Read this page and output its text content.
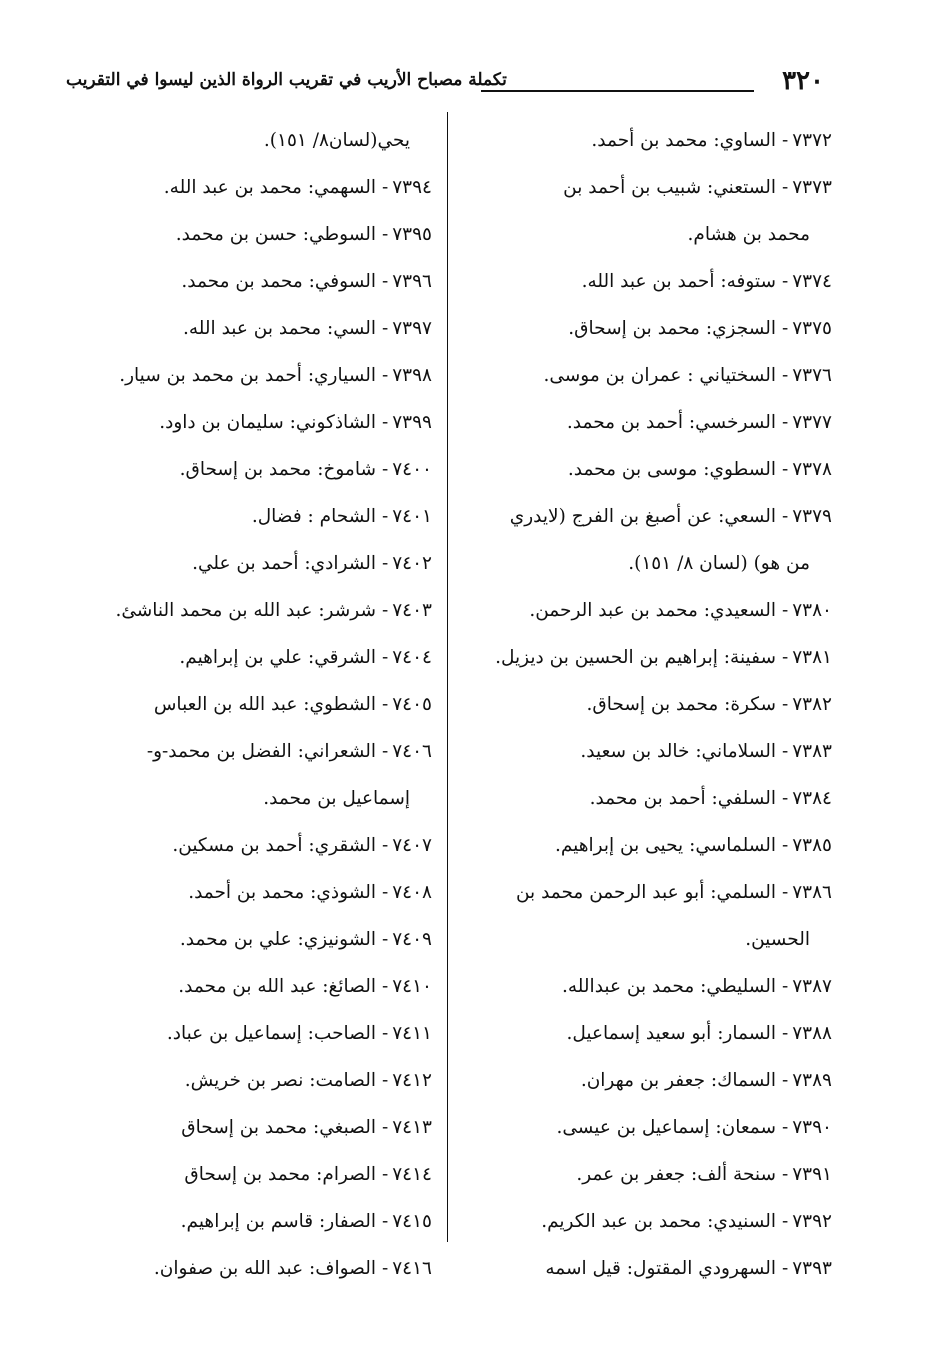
٣٢٠
تكملة مصباح الأريب في تقريب الرواة الذين ليسوا في التقريب
٧٣٧٢-الساوي: محمد بن أحمد.
٧٣٧٣-الستعني: شبيب بن أحمد بن
محمد بن هشام.
٧٣٧٤-ستوفه: أحمد بن عبد الله.
٧٣٧٥-السجزي: محمد بن إسحاق.
٧٣٧٦-السختياني : عمران بن موسى.
٧٣٧٧-السرخسي: أحمد بن محمد.
٧٣٧٨-السطوي: موسى بن محمد.
٧٣٧٩-السعي: عن أصبغ بن الفرج (لايدري
من هو) (لسان ٨/ ١٥١).
٧٣٨٠-السعيدي: محمد بن عبد الرحمن.
٧٣٨١-سفينة: إبراهيم بن الحسين بن ديزيل.
٧٣٨٢-سكرة: محمد بن إسحاق.
٧٣٨٣-السلاماني: خالد بن سعيد.
٧٣٨٤-السلفي: أحمد بن محمد.
٧٣٨٥-السلماسي: يحيى بن إبراهيم.
٧٣٨٦-السلمي: أبو عبد الرحمن محمد بن
الحسين.
٧٣٨٧-السليطي: محمد بن عبدالله.
٧٣٨٨-السمار: أبو سعيد إسماعيل.
٧٣٨٩-السماك: جعفر بن مهران.
٧٣٩٠-سمعان: إسماعيل بن عيسى.
٧٣٩١-سنحة ألف: جعفر بن عمر.
٧٣٩٢-السنيدي: محمد بن عبد الكريم.
٧٣٩٣-السهرودي المقتول: قيل اسمه
يحي(لسان٨/ ١٥١).
٧٣٩٤-السهمي: محمد بن عبد الله.
٧٣٩٥-السوطي: حسن بن محمد.
٧٣٩٦-السوفي: محمد بن محمد.
٧٣٩٧-السي: محمد بن عبد الله.
٧٣٩٨-السياري: أحمد بن محمد بن سيار.
٧٣٩٩-الشاذكوني: سليمان بن داود.
٧٤٠٠-شاموخ: محمد بن إسحاق.
٧٤٠١-الشحام : فضال.
٧٤٠٢-الشرادي: أحمد بن علي.
٧٤٠٣-شرشر: عبد الله بن محمد الناشئ.
٧٤٠٤-الشرقي: علي بن إبراهيم.
٧٤٠٥-الشطوي: عبد الله بن العباس
٧٤٠٦-الشعراني: الفضل بن محمد-و-
إسماعيل بن محمد.
٧٤٠٧-الشقري: أحمد بن مسكين.
٧٤٠٨-الشوذي: محمد بن أحمد.
٧٤٠٩-الشونيزي: علي بن محمد.
٧٤١٠-الصائغ: عبد الله بن محمد.
٧٤١١-الصاحب: إسماعيل بن عباد.
٧٤١٢-الصامت: نصر بن خريش.
٧٤١٣-الصبغي: محمد بن إسحاق
٧٤١٤-الصرام: محمد بن إسحاق
٧٤١٥-الصفار: قاسم بن إبراهيم.
٧٤١٦-الصواف: عبد الله بن صفوان.
